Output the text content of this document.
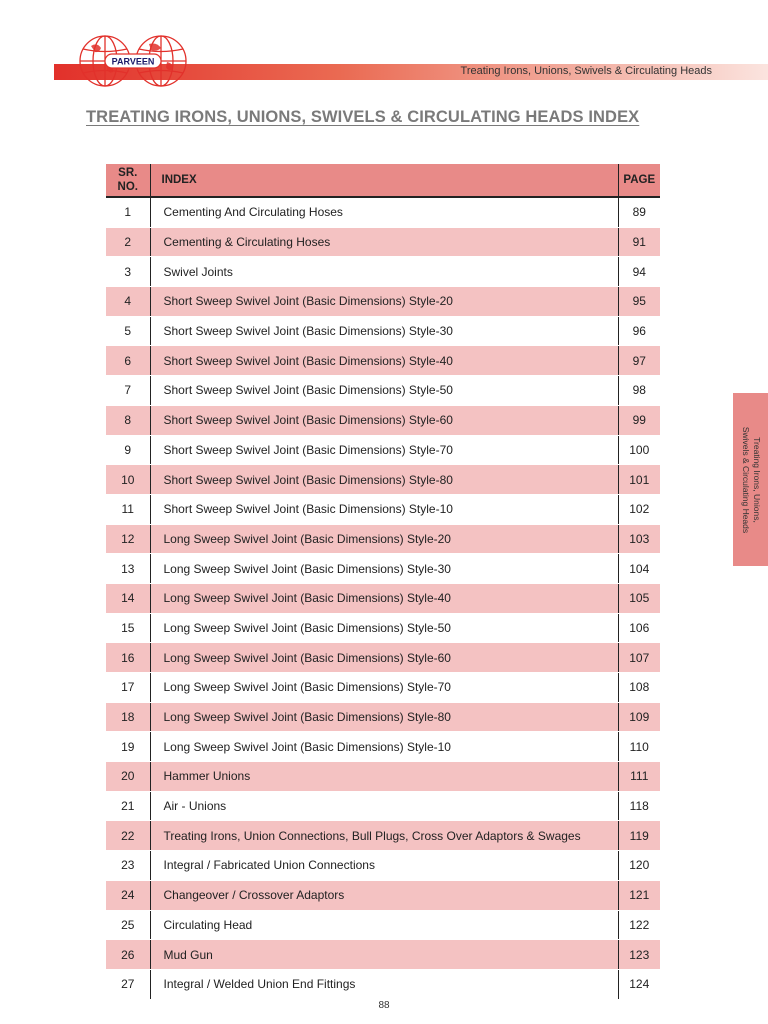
PARVEEN
Treating Irons, Unions, Swivels & Circulating Heads
TREATING IRONS, UNIONS, SWIVELS & CIRCULATING HEADS INDEX
Treating Irons, Unions,
Swivels & Circulating Heads
SR.
NO.	INDEX	PAGE
1	Cementing And Circulating Hoses	89
2	Cementing & Circulating Hoses	91
3	Swivel Joints	94
4	Short Sweep Swivel Joint (Basic Dimensions) Style-20	95
5	Short Sweep Swivel Joint (Basic Dimensions) Style-30	96
6	Short Sweep Swivel Joint (Basic Dimensions) Style-40	97
7	Short Sweep Swivel Joint (Basic Dimensions) Style-50	98
8	Short Sweep Swivel Joint (Basic Dimensions) Style-60	99
9	Short Sweep Swivel Joint (Basic Dimensions) Style-70	100
10	Short Sweep Swivel Joint (Basic Dimensions) Style-80	101
11	Short Sweep Swivel Joint (Basic Dimensions) Style-10	102
12	Long Sweep Swivel Joint (Basic Dimensions) Style-20	103
13	Long Sweep Swivel Joint (Basic Dimensions) Style-30	104
14	Long Sweep Swivel Joint (Basic Dimensions) Style-40	105
15	Long Sweep Swivel Joint (Basic Dimensions) Style-50	106
16	Long Sweep Swivel Joint (Basic Dimensions) Style-60	107
17	Long Sweep Swivel Joint (Basic Dimensions) Style-70	108
18	Long Sweep Swivel Joint (Basic Dimensions) Style-80	109
19	Long Sweep Swivel Joint (Basic Dimensions) Style-10	110
20	Hammer Unions	111
21	Air - Unions	118
22	Treating Irons, Union Connections, Bull Plugs, Cross Over Adaptors & Swages	119
23	Integral / Fabricated Union Connections	120
24	Changeover / Crossover Adaptors	121
25	Circulating Head	122
26	Mud Gun	123
27	Integral / Welded Union End Fittings	124
88
